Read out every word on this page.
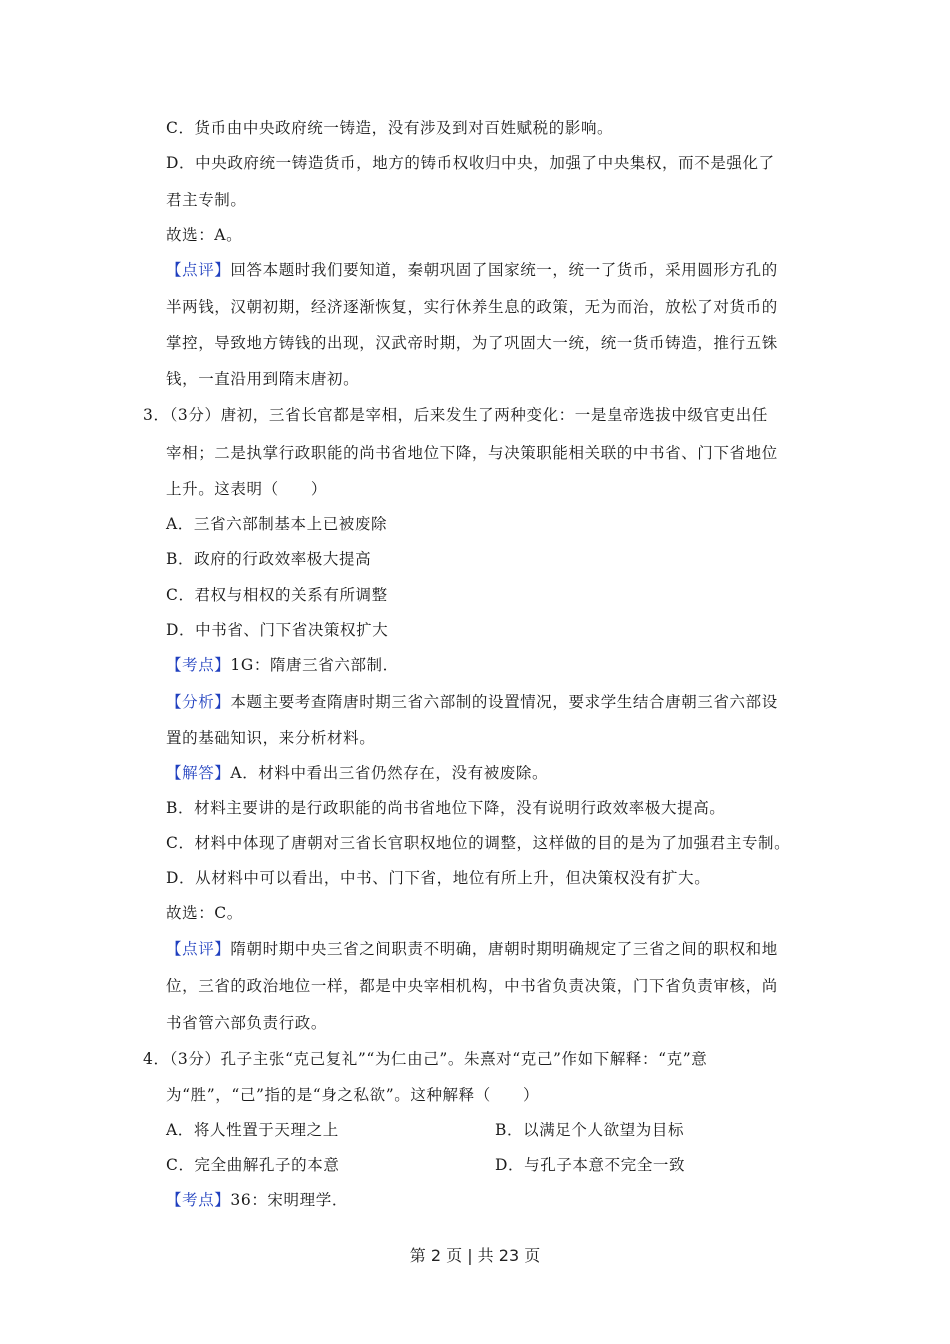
C．货币由中央政府统一铸造，没有涉及到对百姓赋税的影响。
D．中央政府统一铸造货币，地方的铸币权收归中央，加强了中央集权，而不是强化了
君主专制。
故选：A。
【点评】回答本题时我们要知道，秦朝巩固了国家统一，统一了货币，采用圆形方孔的
半两钱，汉朝初期，经济逐渐恢复，实行休养生息的政策，无为而治，放松了对货币的
掌控，导致地方铸钱的出现，汉武帝时期，为了巩固大一统，统一货币铸造，推行五铢
钱，一直沿用到隋末唐初。
3．（3分）唐初，三省长官都是宰相，后来发生了两种变化：一是皇帝选拔中级官吏出任
宰相；二是执掌行政职能的尚书省地位下降，与决策职能相关联的中书省、门下省地位
上升。这表明（　　）
A．三省六部制基本上已被废除
B．政府的行政效率极大提高
C．君权与相权的关系有所调整
D．中书省、门下省决策权扩大
【考点】1G：隋唐三省六部制．
【分析】本题主要考查隋唐时期三省六部制的设置情况，要求学生结合唐朝三省六部设
置的基础知识，来分析材料。
【解答】A．材料中看出三省仍然存在，没有被废除。
B．材料主要讲的是行政职能的尚书省地位下降，没有说明行政效率极大提高。
C．材料中体现了唐朝对三省长官职权地位的调整，这样做的目的是为了加强君主专制。
D．从材料中可以看出，中书、门下省，地位有所上升，但决策权没有扩大。
故选：C。
【点评】隋朝时期中央三省之间职责不明确，唐朝时期明确规定了三省之间的职权和地
位，三省的政治地位一样，都是中央宰相机构，中书省负责决策，门下省负责审核，尚
书省管六部负责行政。
4．（3分）孔子主张“克己复礼”“为仁由己”。朱熹对“克己”作如下解释：“克”意
为“胜”，“己”指的是“身之私欲”。这种解释（　　）
A．将人性置于天理之上	B．以满足个人欲望为目标
C．完全曲解孔子的本意	D．与孔子本意不完全一致
【考点】36：宋明理学．
第 2 页 | 共 23 页
